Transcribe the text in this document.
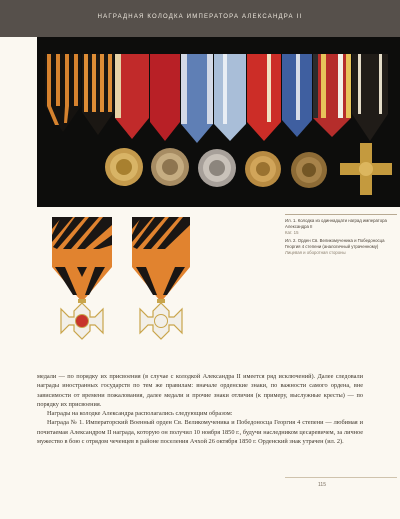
НАГРАДНАЯ КОЛОДКА ИМПЕРАТОРА АЛЕКСАНДРА II
Ил. 1. Колодка из одиннадцати наград императора Александра II
Кат. 15
Ил. 2. Орден Св. Великомученика и Победоносца Георгия 4 степени (аналогичный утраченному)
Лицевая и оборотная стороны

медали — по порядку их присвоения (в случае с колодкой Александра II имеется ряд исключений). Далее следовали награды иностранных государств по тем же правилам: вначале орденские знаки, по важности самого ордена, вне зависимости от времени пожалования, далее медали и прочие знаки отличия (к примеру, выслужные кресты) — по порядку их присвоения.

Награды на колодке Александра располагались следующим образом:

Награда № 1. Императорский Военный орден Св. Великомученика и Победоносца Георгия 4 степени — любимая и почитаемая Александром II награда, которую он получил 10 ноября 1850 г., будучи наследником цесаревичем, за личное мужество в бою с отрядом чеченцев в районе поселения Ачхой 26 октября 1850 г. Орденский знак утрачен (ил. 2).

115
